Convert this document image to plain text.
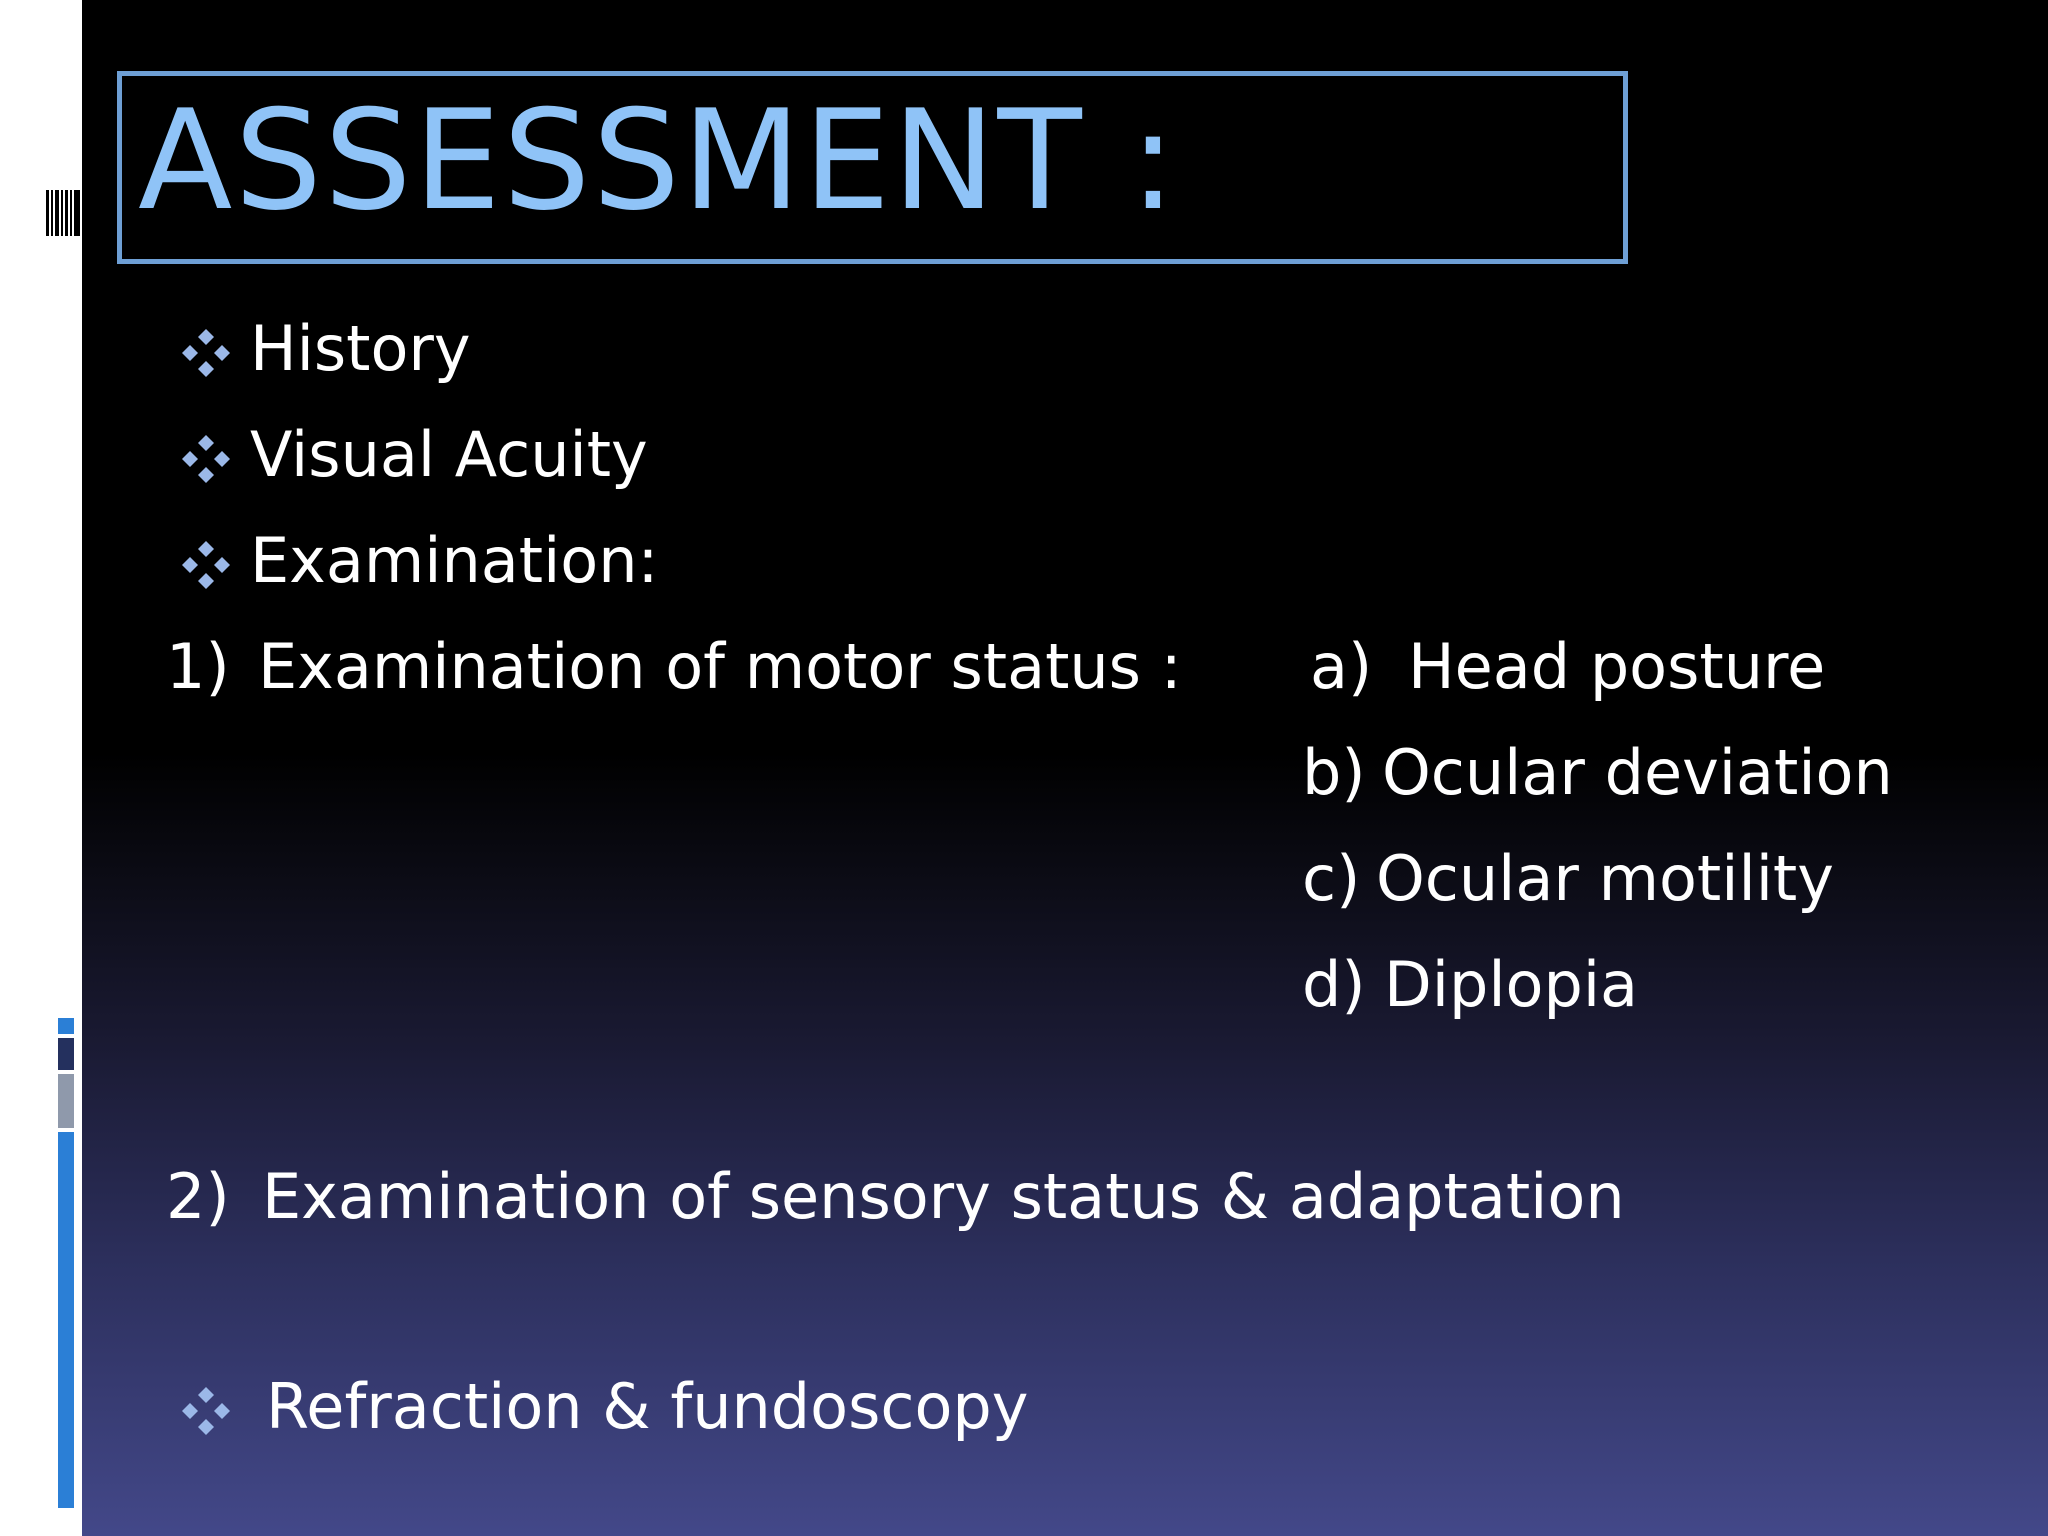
ASSESSMENT :
History
Visual Acuity
Examination:
1) Examination of motor status : a) Head posture
b) Ocular deviation
c) Ocular motility
d) Diplopia
2) Examination of sensory status & adaptation
Refraction & fundoscopy
